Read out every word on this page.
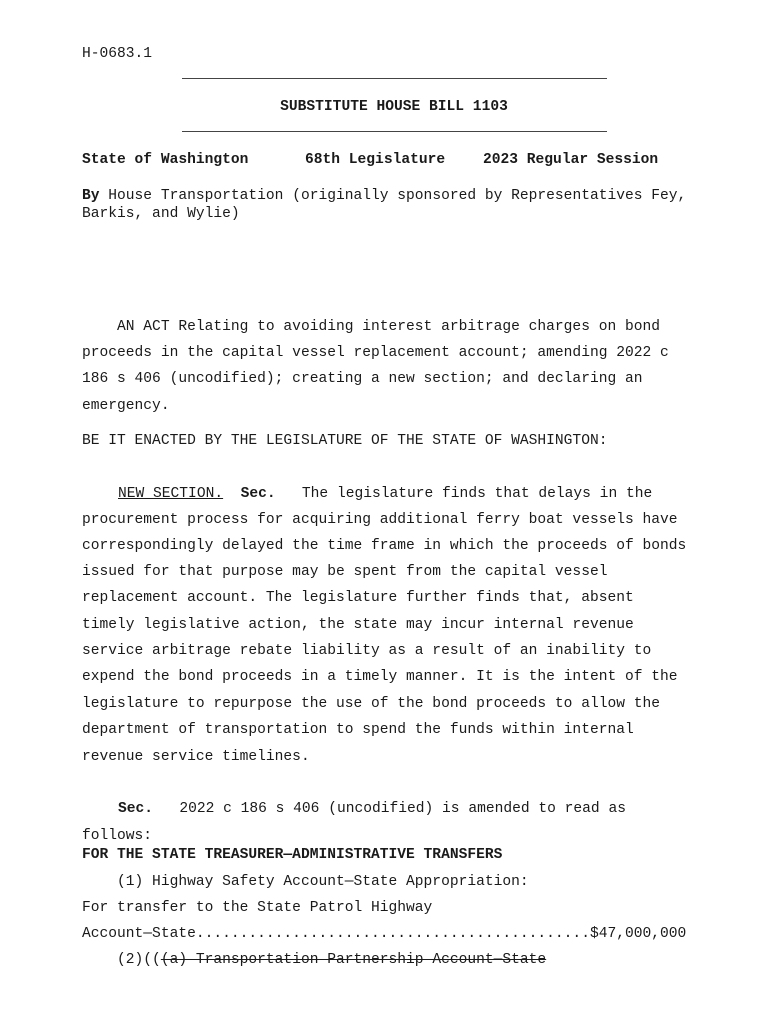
H-0683.1
SUBSTITUTE HOUSE BILL 1103
State of Washington	68th Legislature	2023 Regular Session
By House Transportation (originally sponsored by Representatives Fey,
Barkis, and Wylie)
AN ACT Relating to avoiding interest arbitrage charges on bond
proceeds in the capital vessel replacement account; amending 2022 c
186 s 406 (uncodified); creating a new section; and declaring an
emergency.
BE IT ENACTED BY THE LEGISLATURE OF THE STATE OF WASHINGTON:
NEW SECTION. Sec. The legislature finds that delays in the
procurement process for acquiring additional ferry boat vessels have
correspondingly delayed the time frame in which the proceeds of bonds
issued for that purpose may be spent from the capital vessel
replacement account. The legislature further finds that, absent
timely legislative action, the state may incur internal revenue
service arbitrage rebate liability as a result of an inability to
expend the bond proceeds in a timely manner. It is the intent of the
legislature to repurpose the use of the bond proceeds to allow the
department of transportation to spend the funds within internal
revenue service timelines.
Sec. 2022 c 186 s 406 (uncodified) is amended to read as
follows:
FOR THE STATE TREASURER—ADMINISTRATIVE TRANSFERS
(1) Highway Safety Account—State Appropriation:
For transfer to the State Patrol Highway
Account—State.............................................$47,000,000
(2)(((a) Transportation Partnership Account—State
